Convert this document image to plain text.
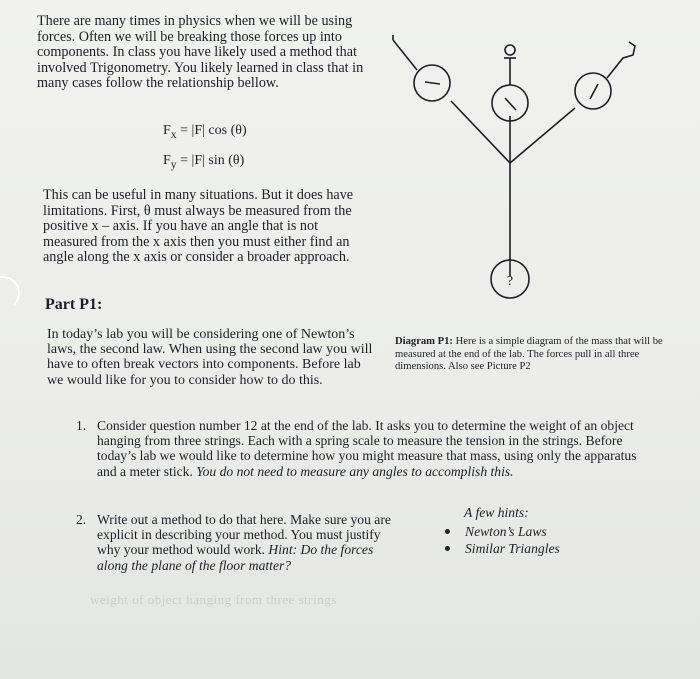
There are many times in physics when we will be using forces. Often we will be breaking those forces up into components. In class you have likely used a method that involved Trigonometry. You likely learned in class that in many cases follow the relationship bellow.
$F_x = |F|$ cos (θ)
$F_y = |F|$ sin (θ)
This can be useful in many situations. But it does have limitations. First, θ must always be measured from the positive x – axis. If you have an angle that is not measured from the x axis then you must either find an angle along the x axis or consider a broader approach.
Part P1:
In today’s lab you will be considering one of Newton’s laws, the second law. When using the second law you will have to often break vectors into components. Before lab we would like for you to consider how to do this.
Diagram P1: Here is a simple diagram of the mass that will be measured at the end of the lab. The forces pull in all three dimensions. Also see Picture P2
?
1. Consider question number 12 at the end of the lab. It asks you to determine the weight of an object hanging from three strings. Each with a spring scale to measure the tension in the strings. Before today’s lab we would like to determine how you might measure that mass, using only the apparatus and a meter stick. You do not need to measure any angles to accomplish this.
2. Write out a method to do that here. Make sure you are explicit in describing your method. You must justify why your method would work. Hint: Do the forces along the plane of the floor matter?
A few hints:
Newton’s Laws
Similar Triangles
weight of object hanging from three strings
